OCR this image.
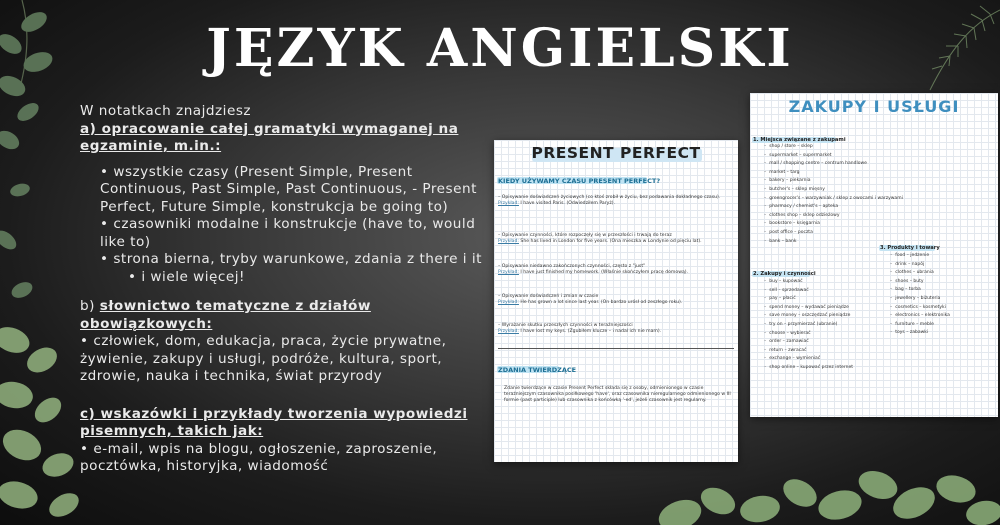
JĘZYK ANGIELSKI
W notatkach znajdziesz
a) opracowanie całej gramatyki wymaganej na egzaminie, m.in.:
• wszystkie czasy (Present Simple, Present Continuous, Past Simple, Past Continuous, - Present Perfect, Future Simple, konstrukcja be going to)
• czasowniki modalne i konstrukcje (have to, would like to)
• strona bierna, tryby warunkowe, zdania z there i it
• i wiele więcej!
b) słownictwo tematyczne z działów obowiązkowych:
• człowiek, dom, edukacja, praca, życie prywatne, żywienie, zakupy i usługi, podróże, kultura, sport, zdrowie, nauka i technika, świat przyrody
c) wskazówki i przykłady tworzenia wypowiedzi pisemnych, takich jak:
• e-mail, wpis na blogu, ogłoszenie, zaproszenie, pocztówka, historyjka, wiadomość
PRESENT PERFECT
KIEDY UŻYWAMY CZASU PRESENT PERFECT?
– Opisywanie doświadczeń życiowych (co ktoś zrobił w życiu, bez podawania dokładnego czasu).
Przykład: I have visited Paris. (Odwiedziłem Paryż).
– Opisywanie czynności, które rozpoczęły się w przeszłości i trwają do teraz
Przykład: She has lived in London for five years. (Ona mieszka w Londynie od pięciu lat).
– Opisywanie niedawno zakończonych czynności, często z "just"
Przykład: I have just finished my homework. (Właśnie skończyłem pracę domową).
– Opisywanie doświadczeń i zmian w czasie
Przykład: He has grown a lot since last year. (On bardzo urósł od zeszłego roku).
– Wyrażanie skutku przeszłych czynności w teraźniejszości
Przykład: I have lost my keys. (Zgubiłem klucze – i nadal ich nie mam).
ZDANIA TWIERDZĄCE
Zdanie twierdzące w czasie Present Perfect składa się z osoby, odmienionego w czasie teraźniejszym czasownika posiłkowego 'have', oraz czasownika nieregularnego odmienionego w III formie (past participle) lub czasownika z końcówką '-ed', jeżeli czasownik jest regularny.
ZAKUPY I USŁUGI
1. Miejsca związane z zakupami
– shop / store – sklep
– supermarket – supermarket
– mall / shopping centre – centrum handlowe
– market – targ
– bakery – piekarnia
– butcher's – sklep mięsny
– greengrocer's – warzywniak / sklep z owocami i warzywami
– pharmacy / chemist's – apteka
– clothes shop – sklep odzieżowy
– bookstore – księgarnia
– post office – poczta
– bank – bank
2. Zakupy i czynności
– buy – kupować
– sell – sprzedawać
– pay – płacić
– spend money – wydawać pieniądze
– save money – oszczędzać pieniądze
– try on – przymierzać (ubranie)
– choose – wybierać
– order – zamawiać
– return – zwracać
– exchange – wymieniać
– shop online – kupować przez internet
3. Produkty i towary
– food – jedzenie
– drink – napój
– clothes – ubrania
– shoes – buty
– bag – torba
– jewellery – biżuteria
– cosmetics – kosmetyki
– electronics – elektronika
– furniture – meble
– toys – zabawki
